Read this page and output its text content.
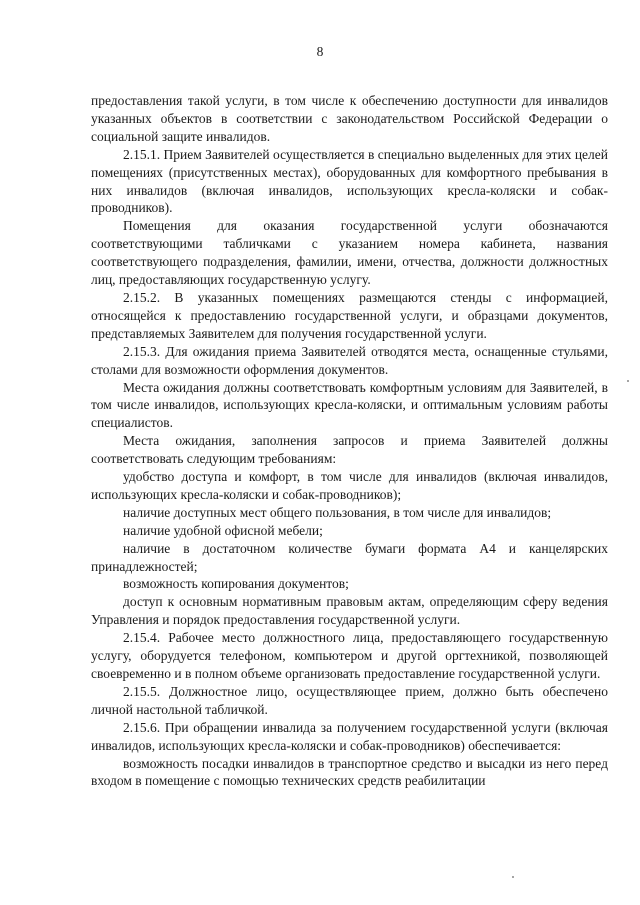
8

предоставления такой услуги, в том числе к обеспечению доступности для инвалидов указанных объектов в соответствии с законодательством Российской Федерации о социальной защите инвалидов.

2.15.1. Прием Заявителей осуществляется в специально выделенных для этих целей помещениях (присутственных местах), оборудованных для комфортного пребывания в них инвалидов (включая инвалидов, использующих кресла-коляски и собак-проводников).

Помещения для оказания государственной услуги обозначаются соответствующими табличками с указанием номера кабинета, названия соответствующего подразделения, фамилии, имени, отчества, должности должностных лиц, предоставляющих государственную услугу.

2.15.2. В указанных помещениях размещаются стенды с информацией, относящейся к предоставлению государственной услуги, и образцами документов, представляемых Заявителем для получения государственной услуги.

2.15.3. Для ожидания приема Заявителей отводятся места, оснащенные стульями, столами для возможности оформления документов.

Места ожидания должны соответствовать комфортным условиям для Заявителей, в том числе инвалидов, использующих кресла-коляски, и оптимальным условиям работы специалистов.

Места ожидания, заполнения запросов и приема Заявителей должны соответствовать следующим требованиям:

удобство доступа и комфорт, в том числе для инвалидов (включая инвалидов, использующих кресла-коляски и собак-проводников);

наличие доступных мест общего пользования, в том числе для инвалидов;

наличие удобной офисной мебели;

наличие в достаточном количестве бумаги формата А4 и канцелярских принадлежностей;

возможность копирования документов;

доступ к основным нормативным правовым актам, определяющим сферу ведения Управления и порядок предоставления государственной услуги.

2.15.4. Рабочее место должностного лица, предоставляющего государственную услугу, оборудуется телефоном, компьютером и другой оргтехникой, позволяющей своевременно и в полном объеме организовать предоставление государственной услуги.

2.15.5. Должностное лицо, осуществляющее прием, должно быть обеспечено личной настольной табличкой.

2.15.6. При обращении инвалида за получением государственной услуги (включая инвалидов, использующих кресла-коляски и собак-проводников) обеспечивается:

возможность посадки инвалидов в транспортное средство и высадки из него перед входом в помещение с помощью технических средств реабилитации
